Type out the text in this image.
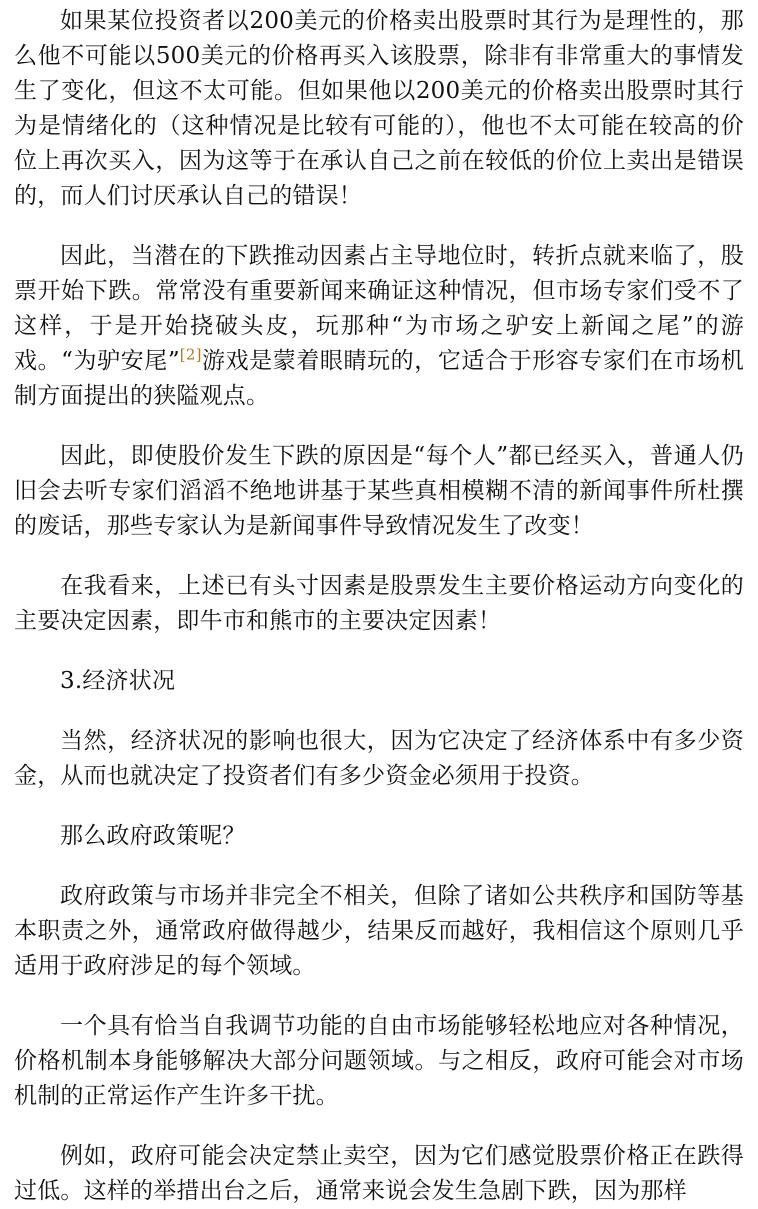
如果某位投资者以200美元的价格卖出股票时其行为是理性的，那么他不可能以500美元的价格再买入该股票，除非有非常重大的事情发生了变化，但这不太可能。但如果他以200美元的价格卖出股票时其行为是情绪化的（这种情况是比较有可能的），他也不太可能在较高的价位上再次买入，因为这等于在承认自己之前在较低的价位上卖出是错误的，而人们讨厌承认自己的错误！

因此，当潜在的下跌推动因素占主导地位时，转折点就来临了，股票开始下跌。常常没有重要新闻来确证这种情况，但市场专家们受不了这样，于是开始挠破头皮，玩那种“为市场之驴安上新闻之尾”的游戏。“为驴安尾”[2]游戏是蒙着眼睛玩的，它适合于形容专家们在市场机制方面提出的狭隘观点。

因此，即使股价发生下跌的原因是“每个人”都已经买入，普通人仍旧会去听专家们滔滔不绝地讲基于某些真相模糊不清的新闻事件所杜撰的废话，那些专家认为是新闻事件导致情况发生了改变！

在我看来，上述已有头寸因素是股票发生主要价格运动方向变化的主要决定因素，即牛市和熊市的主要决定因素！

3.经济状况

当然，经济状况的影响也很大，因为它决定了经济体系中有多少资金，从而也就决定了投资者们有多少资金必须用于投资。

那么政府政策呢？

政府政策与市场并非完全不相关，但除了诸如公共秩序和国防等基本职责之外，通常政府做得越少，结果反而越好，我相信这个原则几乎适用于政府涉足的每个领域。

一个具有恰当自我调节功能的自由市场能够轻松地应对各种情况，价格机制本身能够解决大部分问题领域。与之相反，政府可能会对市场机制的正常运作产生许多干扰。

例如，政府可能会决定禁止卖空，因为它们感觉股票价格正在跌得过低。这样的举措出台之后，通常来说会发生急剧下跌，因为那样
